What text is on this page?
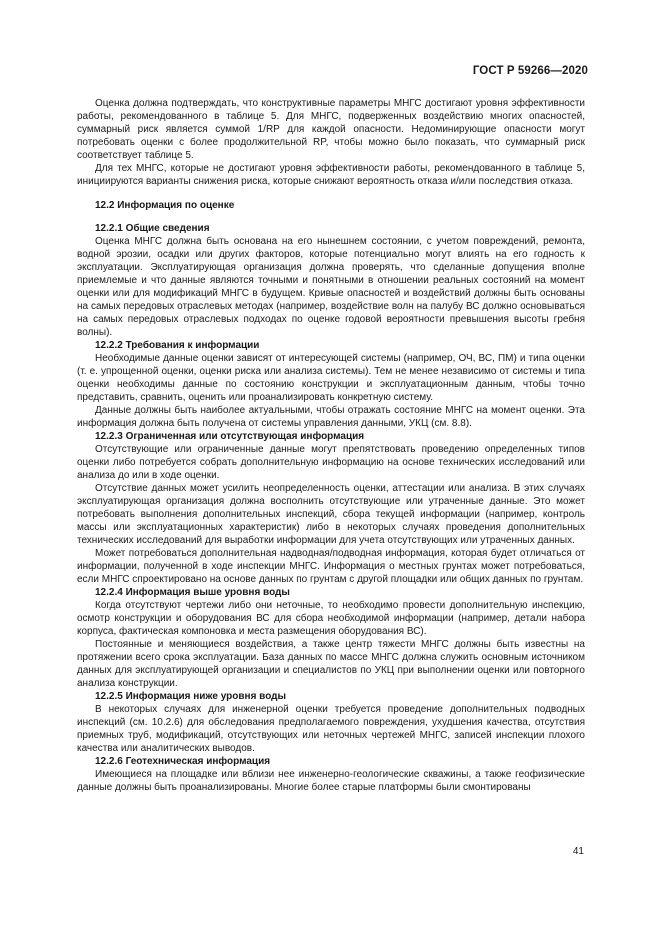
ГОСТ Р 59266—2020

Оценка должна подтверждать, что конструктивные параметры МНГС достигают уровня эффективности работы, рекомендованного в таблице 5. Для МНГС, подверженных воздействию многих опасностей, суммарный риск является суммой 1/RP для каждой опасности. Недоминирующие опасности могут потребовать оценки с более продолжительной RP, чтобы можно было показать, что суммарный риск соответствует таблице 5.

Для тех МНГС, которые не достигают уровня эффективности работы, рекомендованного в таблице 5, инициируются варианты снижения риска, которые снижают вероятность отказа и/или последствия отказа.

12.2 Информация по оценке
12.2.1 Общие сведения

Оценка МНГС должна быть основана на его нынешнем состоянии, с учетом повреждений, ремонта, водной эрозии, осадки или других факторов, которые потенциально могут влиять на его годность к эксплуатации. Эксплуатирующая организация должна проверять, что сделанные допущения вполне приемлемые и что данные являются точными и понятными в отношении реальных состояний на момент оценки или для модификаций МНГС в будущем. Кривые опасностей и воздействий должны быть основаны на самых передовых отраслевых методах (например, воздействие волн на палубу ВС должно основываться на самых передовых отраслевых подходах по оценке годовой вероятности превышения высоты гребня волны).

12.2.2 Требования к информации

Необходимые данные оценки зависят от интересующей системы (например, ОЧ, ВС, ПМ) и типа оценки (т. е. упрощенной оценки, оценки риска или анализа системы). Тем не менее независимо от системы и типа оценки необходимы данные по состоянию конструкции и эксплуатационным данным, чтобы точно представить, сравнить, оценить или проанализировать конкретную систему.

Данные должны быть наиболее актуальными, чтобы отражать состояние МНГС на момент оценки. Эта информация должна быть получена от системы управления данными, УКЦ (см. 8.8).

12.2.3 Ограниченная или отсутствующая информация

Отсутствующие или ограниченные данные могут препятствовать проведению определенных типов оценки либо потребуется собрать дополнительную информацию на основе технических исследований или анализа до или в ходе оценки.

Отсутствие данных может усилить неопределенность оценки, аттестации или анализа. В этих случаях эксплуатирующая организация должна восполнить отсутствующие или утраченные данные. Это может потребовать выполнения дополнительных инспекций, сбора текущей информации (например, контроль массы или эксплуатационных характеристик) либо в некоторых случаях проведения дополнительных технических исследований для выработки информации для учета отсутствующих или утраченных данных.

Может потребоваться дополнительная надводная/подводная информация, которая будет отличаться от информации, полученной в ходе инспекции МНГС. Информация о местных грунтах может потребоваться, если МНГС спроектировано на основе данных по грунтам с другой площадки или общих данных по грунтам.

12.2.4 Информация выше уровня воды

Когда отсутствуют чертежи либо они неточные, то необходимо провести дополнительную инспекцию, осмотр конструкции и оборудования ВС для сбора необходимой информации (например, детали набора корпуса, фактическая компоновка и места размещения оборудования ВС).

Постоянные и меняющиеся воздействия, а также центр тяжести МНГС должны быть известны на протяжении всего срока эксплуатации. База данных по массе МНГС должна служить основным источником данных для эксплуатирующей организации и специалистов по УКЦ при выполнении оценки или повторного анализа конструкции.

12.2.5 Информация ниже уровня воды

В некоторых случаях для инженерной оценки требуется проведение дополнительных подводных инспекций (см. 10.2.6) для обследования предполагаемого повреждения, ухудшения качества, отсутствия приемных труб, модификаций, отсутствующих или неточных чертежей МНГС, записей инспекции плохого качества или аналитических выводов.

12.2.6 Геотехническая информация

Имеющиеся на площадке или вблизи нее инженерно-геологические скважины, а также геофизические данные должны быть проанализированы. Многие более старые платформы были смонтированы

41
